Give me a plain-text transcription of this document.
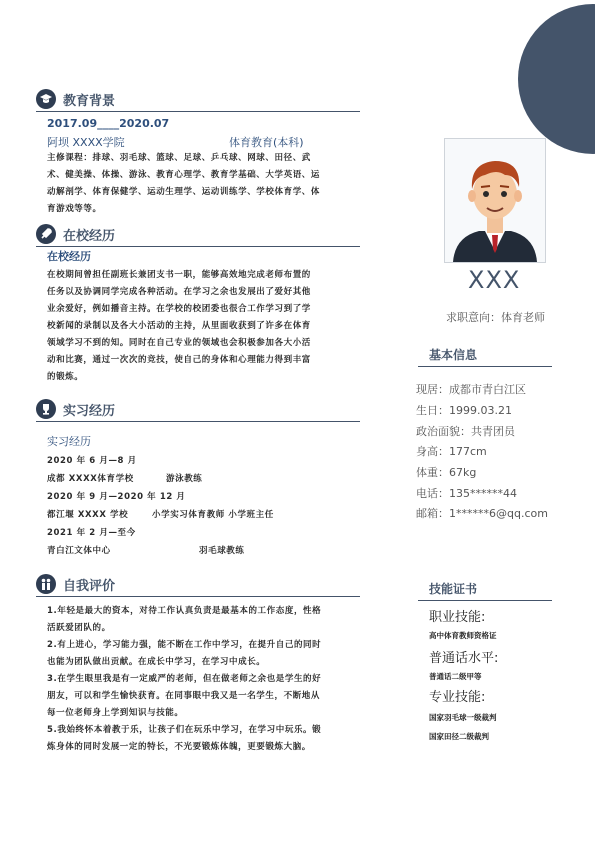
教育背景
2017.09____2020.07
阿坝 XXXX学院	体育教育(本科)
主修课程：排球、羽毛球、篮球、足球、乒乓球、网球、田径、武
术、健美操、体操、游泳、教育心理学、教育学基础、大学英语、运
动解剖学、体育保健学、运动生理学、运动训练学、学校体育学、体
育游戏等等。
在校经历
在校经历
在校期间曾担任副班长兼团支书一职，能够高效地完成老师布置的
任务以及协调同学完成各种活动。在学习之余也发展出了爱好其他
业余爱好，例如播音主持。在学校的校团委也很合工作学习到了学
校新闻的录制以及各大小活动的主持，从里面收获到了许多在体育
领域学习不到的知。同时在自己专业的领域也会积极参加各大小活
动和比赛，通过一次次的竞技，使自己的身体和心理能力得到丰富
的锻炼。
实习经历
实习经历
2020 年 6 月—8 月
成都 XXXX体育学校	游泳教练
2020 年 9 月—2020 年 12 月
都江堰 XXXX 学校	小学实习体育教师 小学班主任
2021 年 2 月—至今
青白江文体中心	羽毛球教练
自我评价
1.年轻是最大的资本，对待工作认真负责是最基本的工作态度，性格
活跃爱团队的。
2.有上进心，学习能力强，能不断在工作中学习，在提升自己的同时
也能为团队做出贡献。在成长中学习，在学习中成长。
3.在学生眼里我是有一定威严的老师，但在做老师之余也是学生的好
朋友，可以和学生愉快获育。在同事眼中我又是一名学生，不断地从
每一位老师身上学到知识与技能。
5.我始终怀本着教于乐，让孩子们在玩乐中学习，在学习中玩乐。锻
炼身体的同时发展一定的特长，不光要锻炼体魄，更要锻炼大脑。
XXX
求职意向：体育老师
基本信息
现居：成都市青白江区
生日：1999.03.21
政治面貌：共青团员
身高：177cm
体重：67kg
电话：135******44
邮箱：1******6@qq.com
技能证书
职业技能:
高中体育教师资格证
普通话水平:
普通话二级甲等
专业技能:
国家羽毛球一级裁判
国家田径二级裁判
